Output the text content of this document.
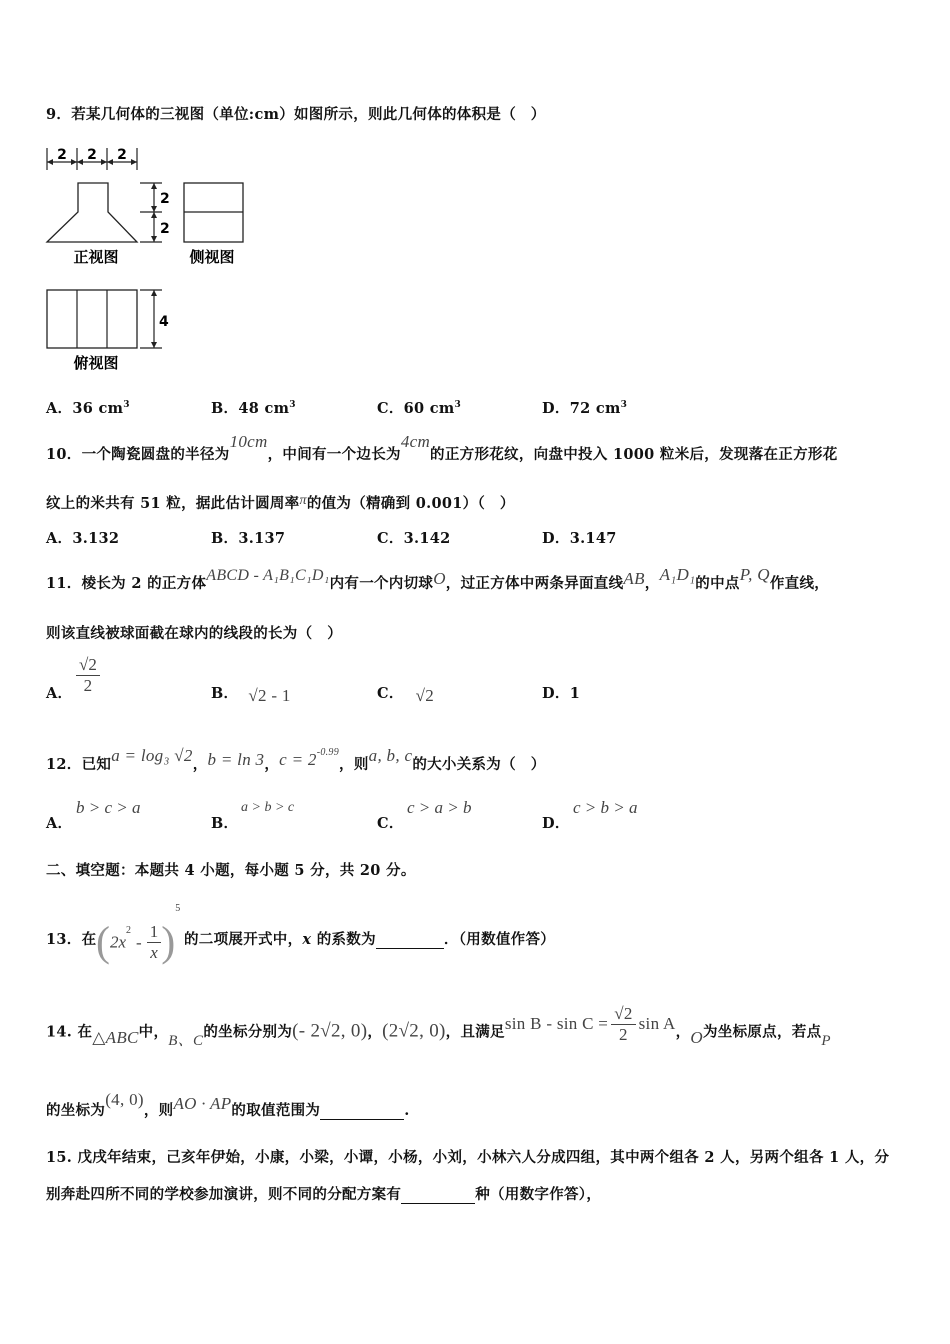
9．若某几何体的三视图（单位:cm）如图所示，则此几何体的体积是（　）
2 2 2
2
2
正视图	侧视图
4
俯视图
A．36 $cm^3$	B．48 $cm^3$	C．60 $cm^3$	D．72 $cm^3$
10．一个陶瓷圆盘的半径为10cm，中间有一个边长为4cm的正方形花纹，向盘中投入 1000 粒米后，发现落在正方形花
纹上的米共有 51 粒，据此估计圆周率π的值为（精确到 0.001）（　）
A．3.132	B．3.137	C．3.142	D．3.147
11．棱长为 2 的正方体ABCD - A₁B₁C₁D₁内有一个内切球O，过正方体中两条异面直线AB，A₁D₁的中点P, Q作直线，
则该直线被球面截在球内的线段的长为（　）
A． $\frac{√2}{2}$	B． √2 - 1	C． √2	D．1
12．已知a = log₃ √2，b = ln 3，$c = 2^{-0.99}$，则a, b, c的大小关系为（　）
A．
b > c > a
B．
a > b > c
C．
c > a > b
D．
c > b > a
二、填空题：本题共 4 小题，每小题 5 分，共 20 分。
13．在 $(2x^2- \frac{1}{x} )^5$
的二项展开式中，x 的系数为	．（用数值作答）
14. 在△ABC中，B、C的坐标分别为(- 2√2, 0)，(2√2, 0)，且满足$\sin B - \sin C = \frac{√2}{2}$ sin A，O为坐标原点，若点P
的坐标为(4, 0)，则AO · AP的取值范围为	.
15. 戊戌年结束，己亥年伊始，小康，小梁，小谭，小杨，小刘，小林六人分成四组，其中两个组各 2 人，另两个组各 1 人，分
别奔赴四所不同的学校参加演讲，则不同的分配方案有	种（用数字作答），
